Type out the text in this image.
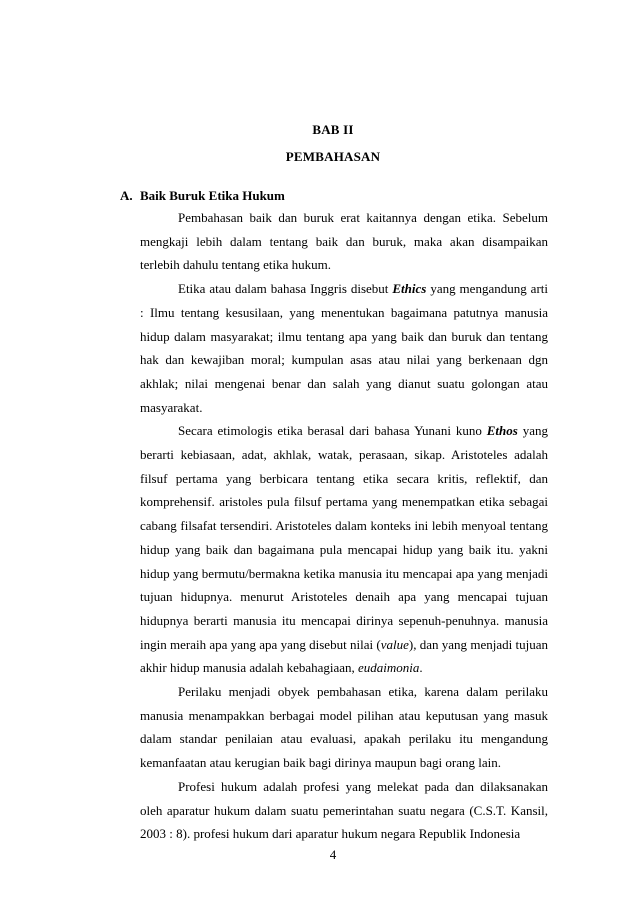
BAB II
PEMBAHASAN
A. Baik Buruk Etika Hukum

Pembahasan baik dan buruk erat kaitannya dengan etika. Sebelum mengkaji lebih dalam tentang baik dan buruk, maka akan disampaikan terlebih dahulu tentang etika hukum.

Etika atau dalam bahasa Inggris disebut Ethics yang mengandung arti : Ilmu tentang kesusilaan, yang menentukan bagaimana patutnya manusia hidup dalam masyarakat; ilmu tentang apa yang baik dan buruk dan tentang hak dan kewajiban moral; kumpulan asas atau nilai yang berkenaan dgn akhlak; nilai mengenai benar dan salah yang dianut suatu golongan atau masyarakat.

Secara etimologis etika berasal dari bahasa Yunani kuno Ethos yang berarti kebiasaan, adat, akhlak, watak, perasaan, sikap. Aristoteles adalah filsuf pertama yang berbicara tentang etika secara kritis, reflektif, dan komprehensif. aristoles pula filsuf pertama yang menempatkan etika sebagai cabang filsafat tersendiri. Aristoteles dalam konteks ini lebih menyoal tentang hidup yang baik dan bagaimana pula mencapai hidup yang baik itu. yakni hidup yang bermutu/bermakna ketika manusia itu mencapai apa yang menjadi tujuan hidupnya. menurut Aristoteles denaih apa yang mencapai tujuan hidupnya berarti manusia itu mencapai dirinya sepenuh-penuhnya. manusia ingin meraih apa yang apa yang disebut nilai (value), dan yang menjadi tujuan akhir hidup manusia adalah kebahagiaan, eudaimonia.

Perilaku menjadi obyek pembahasan etika, karena dalam perilaku manusia menampakkan berbagai model pilihan atau keputusan yang masuk dalam standar penilaian atau evaluasi, apakah perilaku itu mengandung kemanfaatan atau kerugian baik bagi dirinya maupun bagi orang lain.

Profesi hukum adalah profesi yang melekat pada dan dilaksanakan oleh aparatur hukum dalam suatu pemerintahan suatu negara (C.S.T. Kansil, 2003 : 8). profesi hukum dari aparatur hukum negara Republik Indonesia

4
